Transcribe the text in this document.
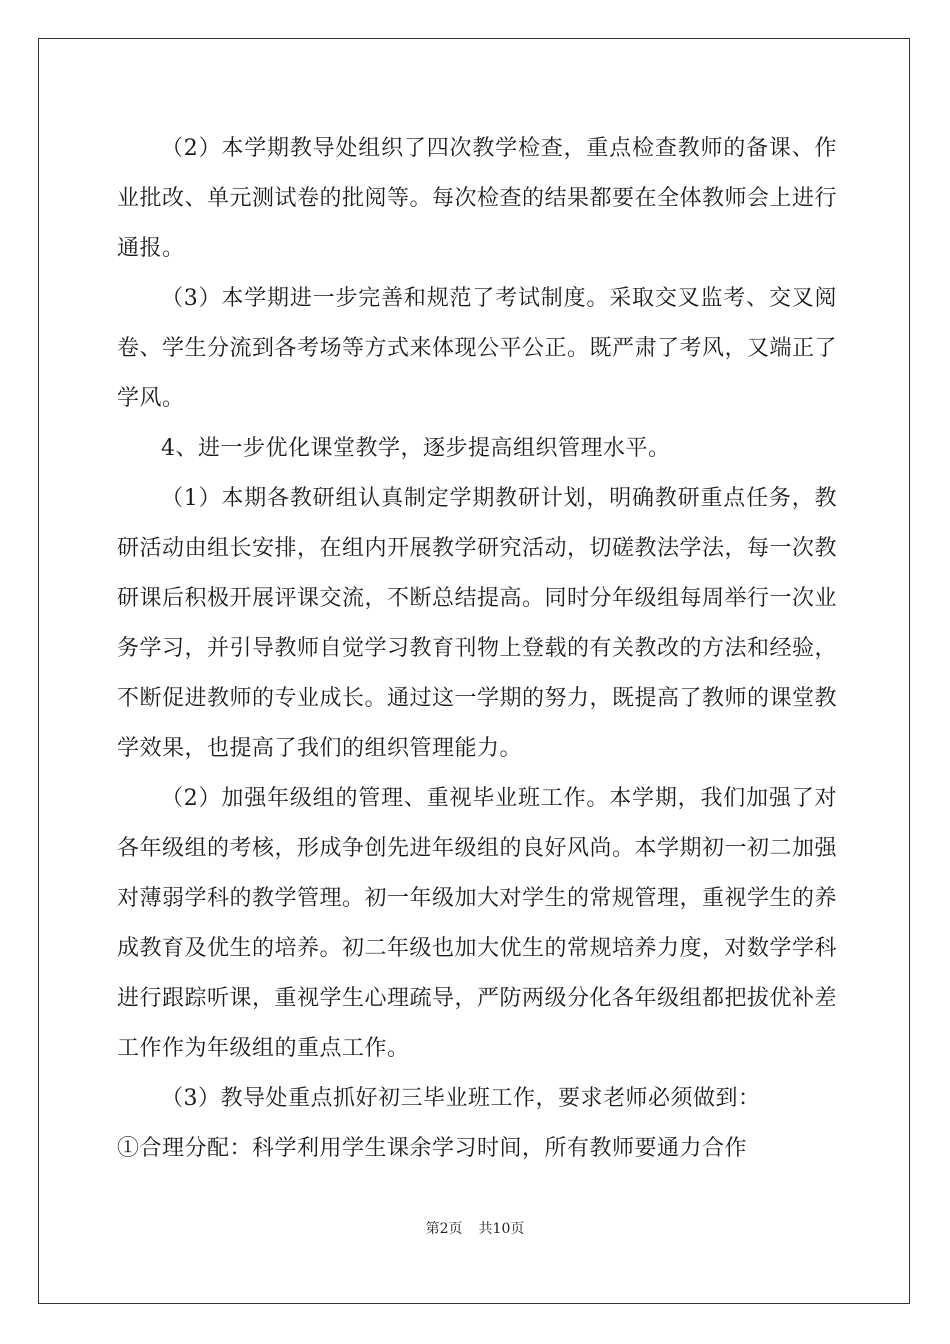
（2）本学期教导处组织了四次教学检查，重点检查教师的备课、作业批改、单元测试卷的批阅等。每次检查的结果都要在全体教师会上进行通报。

（3）本学期进一步完善和规范了考试制度。采取交叉监考、交叉阅卷、学生分流到各考场等方式来体现公平公正。既严肃了考风，又端正了学风。

4、进一步优化课堂教学，逐步提高组织管理水平。

（1）本期各教研组认真制定学期教研计划，明确教研重点任务，教研活动由组长安排，在组内开展教学研究活动，切磋教法学法，每一次教研课后积极开展评课交流，不断总结提高。同时分年级组每周举行一次业务学习，并引导教师自觉学习教育刊物上登载的有关教改的方法和经验，不断促进教师的专业成长。通过这一学期的努力，既提高了教师的课堂教学效果，也提高了我们的组织管理能力。

（2）加强年级组的管理、重视毕业班工作。本学期，我们加强了对各年级组的考核，形成争创先进年级组的良好风尚。本学期初一初二加强对薄弱学科的教学管理。初一年级加大对学生的常规管理，重视学生的养成教育及优生的培养。初二年级也加大优生的常规培养力度，对数学学科进行跟踪听课，重视学生心理疏导，严防两级分化各年级组都把拔优补差工作作为年级组的重点工作。

（3）教导处重点抓好初三毕业班工作，要求老师必须做到：

①合理分配：科学利用学生课余学习时间，所有教师要通力合作

第2页 共10页
